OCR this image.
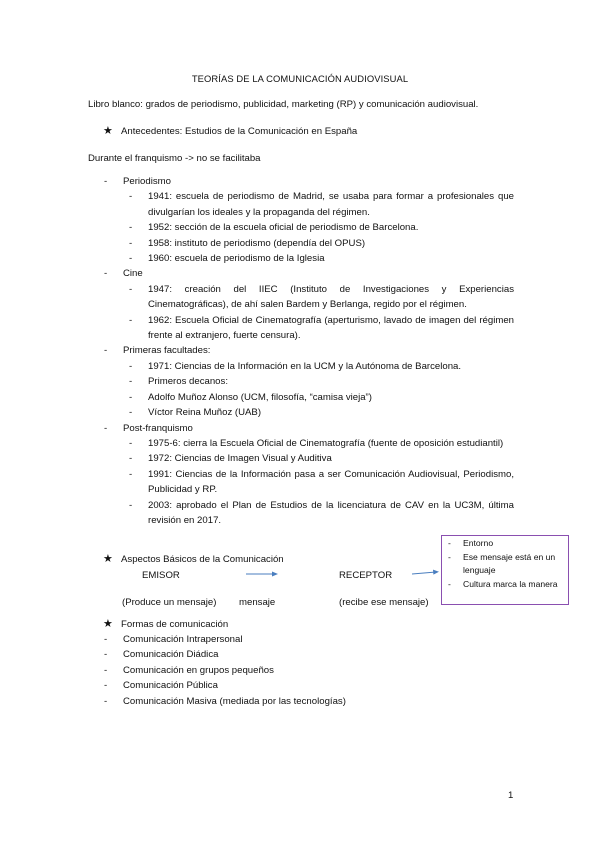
TEORÍAS DE LA COMUNICACIÓN AUDIOVISUAL
Libro blanco: grados de periodismo, publicidad, marketing (RP) y comunicación audiovisual.
★ Antecedentes: Estudios de la Comunicación en España
Durante el franquismo -> no se facilitaba
- Periodismo
- 1941: escuela de periodismo de Madrid, se usaba para formar a profesionales que divulgarían los ideales y la propaganda del régimen.
- 1952: sección de la escuela oficial de periodismo de Barcelona.
- 1958: instituto de periodismo (dependía del OPUS)
- 1960: escuela de periodismo de la Iglesia
- Cine
- 1947: creación del IIEC (Instituto de Investigaciones y Experiencias Cinematográficas), de ahí salen Bardem y Berlanga, regido por el régimen.
- 1962: Escuela Oficial de Cinematografía (aperturismo, lavado de imagen del régimen frente al extranjero, fuerte censura).
- Primeras facultades:
- 1971: Ciencias de la Información en la UCM y la Autónoma de Barcelona.
- Primeros decanos:
- Adolfo Muñoz Alonso (UCM, filosofía, “camisa vieja”)
- Víctor Reina Muñoz (UAB)
- Post-franquismo
- 1975-6: cierra la Escuela Oficial de Cinematografía (fuente de oposición estudiantil)
- 1972: Ciencias de Imagen Visual y Auditiva
- 1991: Ciencias de la Información pasa a ser Comunicación Audiovisual, Periodismo, Publicidad y RP.
- 2003: aprobado el Plan de Estudios de la licenciatura de CAV en la UC3M, última revisión en 2017.
★ Aspectos Básicos de la Comunicación
EMISOR	RECEPTOR
- Entorno
- Ese mensaje está en un lenguaje
- Cultura marca la manera
(Produce un mensaje) mensaje	(recibe ese mensaje)
★ Formas de comunicación
- Comunicación Intrapersonal
- Comunicación Diádica
- Comunicación en grupos pequeños
- Comunicación Pública
- Comunicación Masiva (mediada por las tecnologías)
1
